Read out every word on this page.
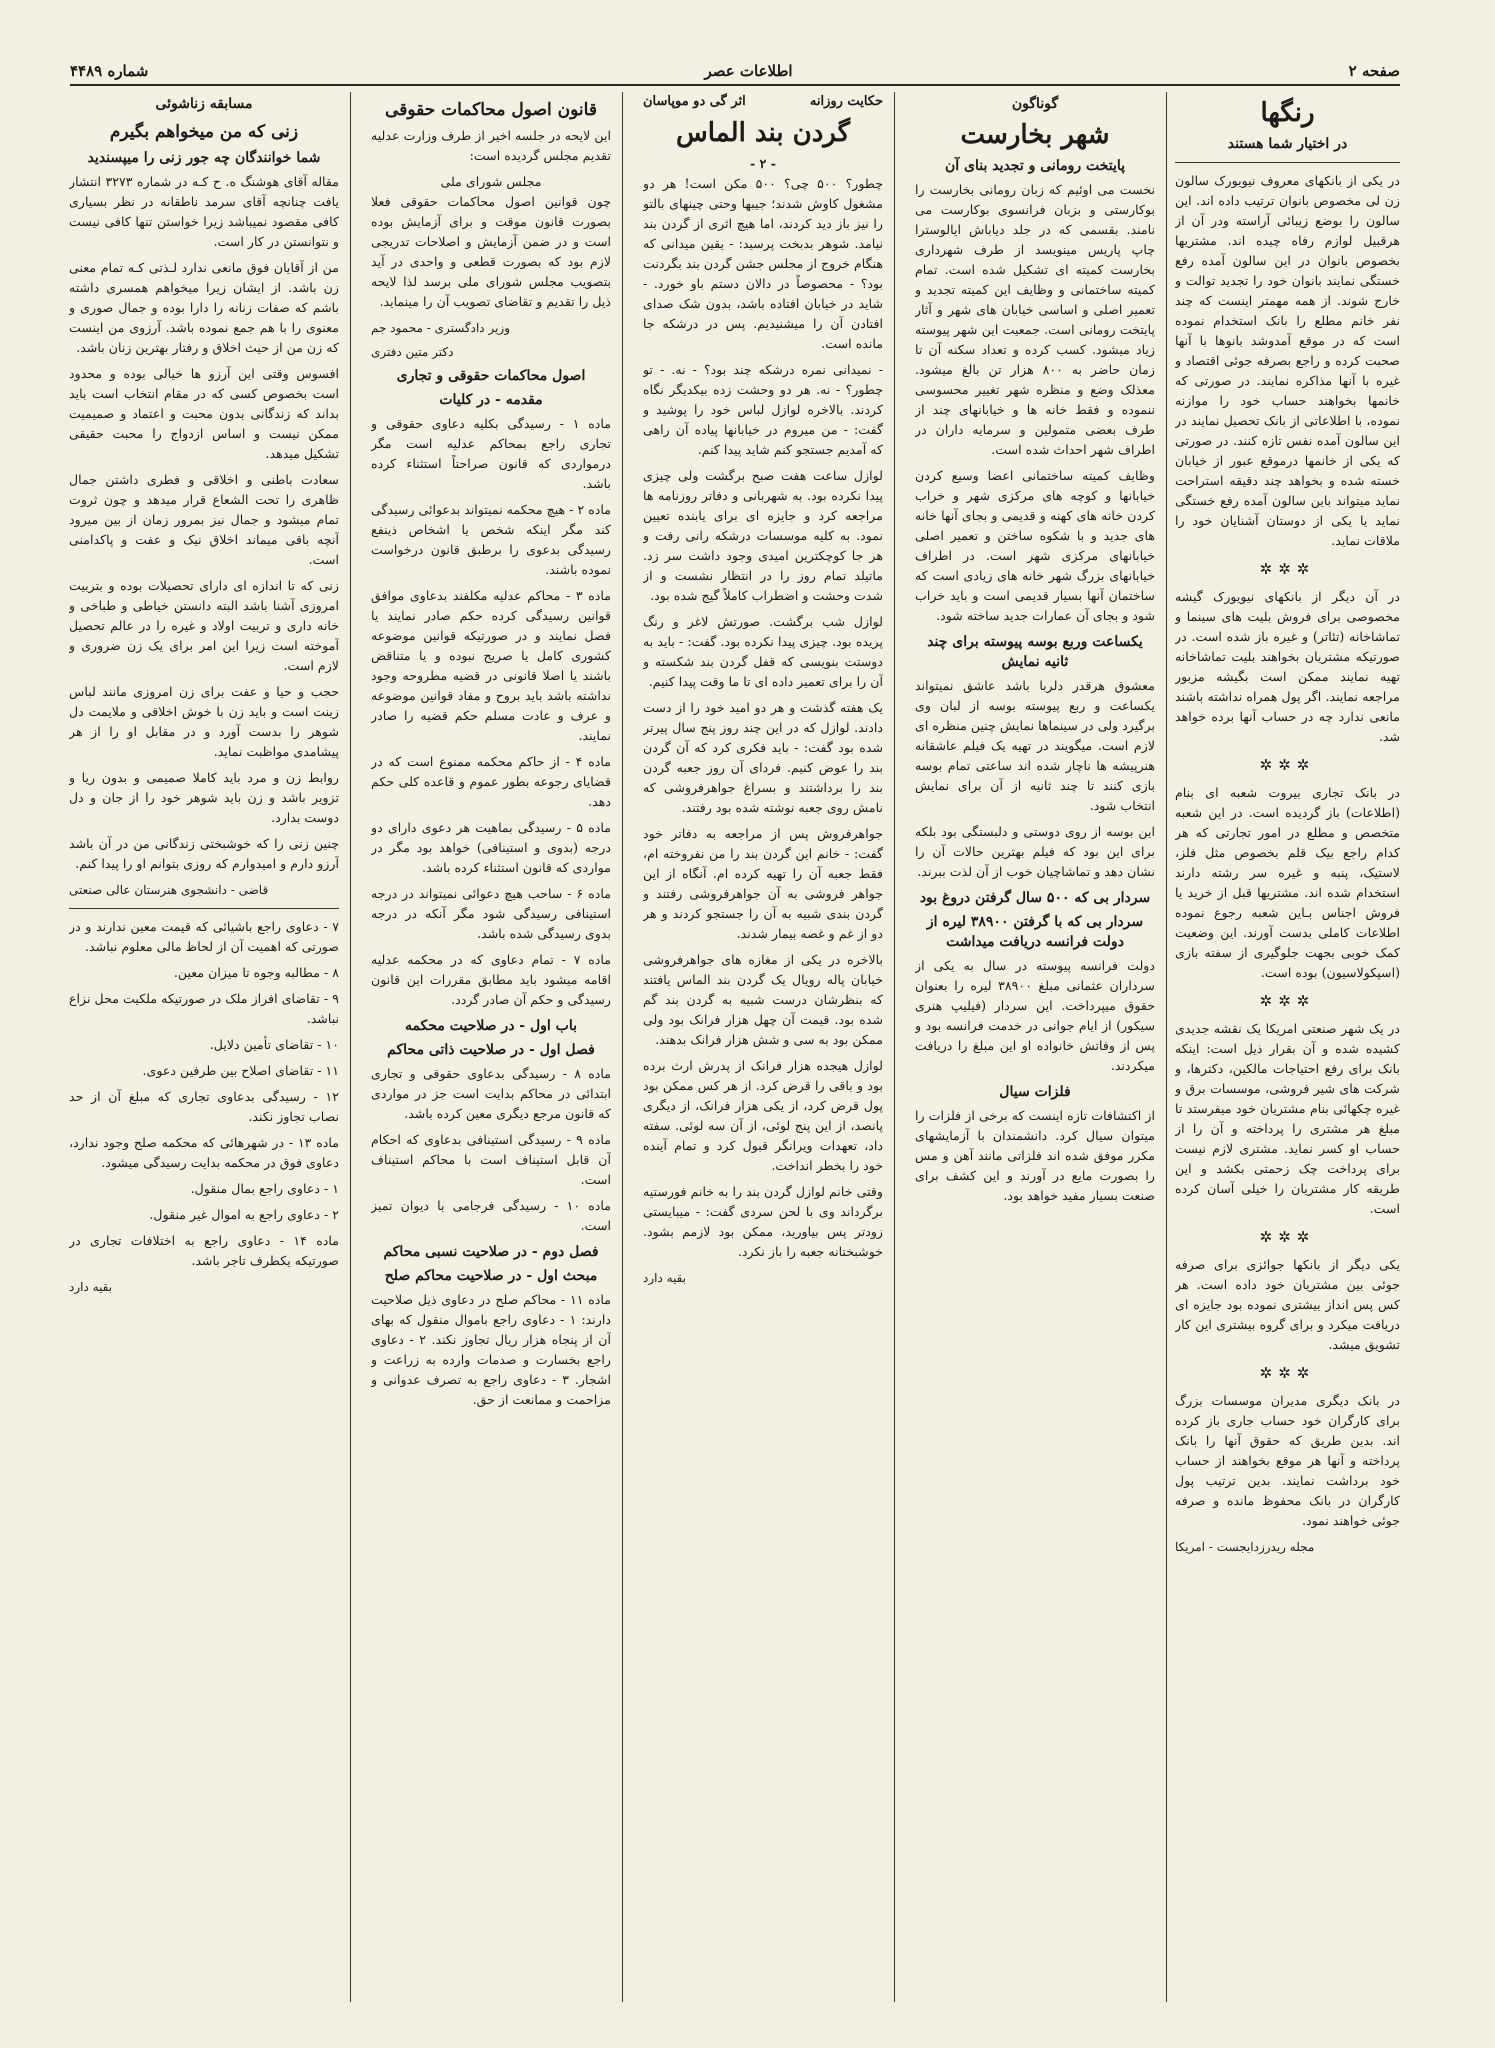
صفحه ۲
اطلاعات عصر
شماره ۴۴۸۹
رنگها
در اختیار شما هستند

در یکی از بانکهای معروف نیویورک سالون زن لی مخصوص بانوان ترتیب داده اند. این سالون را بوضع زیبائی آراسته ودر آن از هرقبیل لوازم رفاه چیده اند. مشتریها بخصوص بانوان در این سالون آمده رفع خستگی نمایند بانوان خود را تجدید توالت و خارج شوند. از همه مهمتر اینست که چند نفر خانم مطلع را بانک استخدام نموده است که در موقع آمدوشد بانوها با آنها صحبت کرده و راجع بصرفه جوئی اقتصاد و غیره با آنها مذاکره نمایند. در صورتی که خانمها بخواهند حساب خود را موازنه نموده، با اطلاعاتی از بانک تحصیل نمایند در این سالون آمده نفس تازه کنند. در صورتی که یکی از خانمها درموقع عبور از خیابان خسته شده و بخواهد چند دقیقه استراحت نماید میتواند باین سالون آمده رفع خستگی نماید یا یکی از دوستان آشنایان خود را ملاقات نماید.

✲✲✲

در آن دیگر از بانکهای نیویورک گیشه مخصوصی برای فروش بلیت های سینما و تماشاخانه (تئاتر) و غیره باز شده است. در صورتیکه مشتریان بخواهند بلیت تماشاخانه تهیه نمایند ممکن است بگیشه مزبور مراجعه نمایند. اگر پول همراه نداشته باشند مانعی ندارد چه در حساب آنها برده خواهد شد.

✲✲✲

در بانک تجاری بیروت شعبه ای بنام (اطلاعات) باز گردیده است. در این شعبه متخصص و مطلع در امور تجارتی که هر کدام راجع بیک قلم بخصوص مثل فلز، لاستیک، پنبه و غیره سر رشته دارند استخدام شده اند. مشتریها قبل از خرید یا فروش اجناس بـاین شعبه رجوع نموده اطلاعات کاملی بدست آورند. این وضعیت کمک خوبی بجهت جلوگیری از سفته بازی (اسپکولاسیون) بوده است.

✲✲✲

در یک شهر صنعتی امریکا یک نقشه جدیدی کشیده شده و آن بقرار ذیل است: اینکه بانک برای رفع احتیاجات مالکین، دکترها، و شرکت های شیر فروشی، موسسات برق و غیره چکهائی بنام مشتریان خود میفرستد تا مبلغ هر مشتری را پرداخته و آن را از حساب او کسر نماید. مشتری لازم نیست برای پرداخت چک زحمتی بکشد و این طریقه کار مشتریان را خیلی آسان کرده است.

✲✲✲

یکی دیگر از بانکها جوائزی برای صرفه جوئی بین مشتریان خود داده است. هر کس پس انداز بیشتری نموده بود جایزه ای دریافت میکرد و برای گروه بیشتری این کار تشویق میشد.

✲✲✲

در بانک دیگری مدیران موسسات بزرگ برای کارگران خود حساب جاری باز کرده اند. بدین طریق که حقوق آنها را بانک پرداخته و آنها هر موقع بخواهند از حساب خود برداشت نمایند. بدین ترتیب پول کارگران در بانک محفوظ مانده و صرفه جوئی خواهند نمود.

مجله ریدرزدایجست - امریکا
گوناگون
شهر بخارست
پایتخت رومانی و تجدید بنای آن

نخست می اوئیم که زبان رومانی بخارست را بوکارستی و بزبان فرانسوی بوکارست می نامند. بقسمی که در جلد دیاباش ایالوسترا چاپ پاریس مینویسد از طرف شهرداری بخارست کمیته ای تشکیل شده است. تمام کمیته ساختمانی و وظایف این کمیته تجدید و تعمیر اصلی و اساسی خیابان های شهر و آثار پایتخت رومانی است. جمعیت این شهر پیوسته زیاد میشود. کسب کرده و تعداد سکنه آن تا زمان حاضر به ۸۰۰ هزار تن بالغ میشود. معذلک وضع و منظره شهر تغییر محسوسی ننموده و فقط خانه ها و خیابانهای چند از طرف بعضی متمولین و سرمایه داران در اطراف شهر احداث شده است.

وظایف کمیته ساختمانی اعضا وسیع کردن خیابانها و کوچه های مرکزی شهر و خراب کردن خانه های کهنه و قدیمی و بجای آنها خانه های جدید و با شکوه ساختن و تعمیر اصلی خیابانهای مرکزی شهر است. در اطراف خیابانهای بزرگ شهر خانه های زیادی است که ساختمان آنها بسیار قدیمی است و باید خراب شود و بجای آن عمارات جدید ساخته شود.

یکساعت وربع بوسه پیوسته برای چند ثانیه نمایش

معشوق هرقدر دلربا باشد عاشق نمیتواند یکساعت و ربع پیوسته بوسه از لبان وی برگیرد ولی در سینماها نمایش چنین منظره ای لازم است. میگویند در تهیه یک فیلم عاشقانه هنرپیشه ها ناچار شده اند ساعتی تمام بوسه بازی کنند تا چند ثانیه از آن برای نمایش انتخاب شود.

این بوسه از روی دوستی و دلبستگی بود بلکه برای این بود که فیلم بهترین حالات آن را نشان دهد و تماشاچیان خوب از آن لذت ببرند.

سردار بی که ۵۰۰ سال گرفتن دروغ بود
سردار بی که با گرفتن ۳۸۹۰۰ لیره از دولت فرانسه دریافت میداشت

دولت فرانسه پیوسته در سال به یکی از سرداران عثمانی مبلغ ۳۸۹۰۰ لیره را بعنوان حقوق میپرداخت. این سردار (فیلیپ هنری سیکور) از ایام جوانی در خدمت فرانسه بود و پس از وفاتش خانواده او این مبلغ را دریافت میکردند.

فلزات سیال

از اکتشافات تازه اینست که برخی از فلزات را میتوان سیال کرد. دانشمندان با آزمایشهای مکرر موفق شده اند فلزاتی مانند آهن و مس را بصورت مایع در آورند و این کشف برای صنعت بسیار مفید خواهد بود.

حکایت روزانه
اثر گی دو موپاسان
گردن بند الماس
- ۲ -

چطور؟ ۵۰۰ چی؟ ۵۰۰ مکن است! هر دو مشغول کاوش شدند؛ جیبها وحتی چینهای بالتو را نیز باز دید کردند، اما هیچ اثری از گردن بند نیامد. شوهر بدبخت پرسید: - یقین میدانی که هنگام خروج از مجلس جشن گردن بند بگردنت بود؟ - محصوصاً در دالان دستم باو خورد. - شاید در خیابان افتاده باشد، بدون شک صدای افتادن آن را میشنیدیم. پس در درشکه جا مانده است.

- نمیدانی نمره درشکه چند بود؟ - نه. - تو چطور؟ - نه. هر دو وحشت زده بیکدیگر نگاه کردند. بالاخره لوازل لباس خود را پوشید و گفت: - من میروم در خیابانها پیاده آن راهی که آمدیم جستجو کنم شاید پیدا کنم.

لوازل ساعت هفت صبح برگشت ولی چیزی پیدا نکرده بود. به شهربانی و دفاتر روزنامه ها مراجعه کرد و جایزه ای برای یابنده تعیین نمود. به کلیه موسسات درشکه رانی رفت و هر جا کوچکترین امیدی وجود داشت سر زد. ماتیلد تمام روز را در انتظار نشست و از شدت وحشت و اضطراب کاملاً گیج شده بود.

لوازل شب برگشت. صورتش لاغر و رنگ پریده بود. چیزی پیدا نکرده بود. گفت: - باید به دوستت بنویسی که قفل گردن بند شکسته و آن را برای تعمیر داده ای تا ما وقت پیدا کنیم.

یک هفته گذشت و هر دو امید خود را از دست دادند. لوازل که در این چند روز پنج سال پیرتر شده بود گفت: - باید فکری کرد که آن گردن بند را عوض کنیم. فردای آن روز جعبه گردن بند را برداشتند و بسراغ جواهرفروشی که نامش روی جعبه نوشته شده بود رفتند.

جواهرفروش پس از مراجعه به دفاتر خود گفت: - خانم این گردن بند را من نفروخته ام، فقط جعبه آن را تهیه کرده ام. آنگاه از این جواهر فروشی به آن جواهرفروشی رفتند و گردن بندی شبیه به آن را جستجو کردند و هر دو از غم و غصه بیمار شدند.

بالاخره در یکی از مغازه های جواهرفروشی خیابان پاله رویال یک گردن بند الماس یافتند که بنظرشان درست شبیه به گردن بند گم شده بود. قیمت آن چهل هزار فرانک بود ولی ممکن بود به سی و شش هزار فرانک بدهند.

لوازل هیجده هزار فرانک از پدرش ارث برده بود و باقی را قرض کرد. از هر کس ممکن بود پول قرض کرد، از یکی هزار فرانک، از دیگری پانصد، از این پنج لوئی، از آن سه لوئی. سفته داد، تعهدات ویرانگر قبول کرد و تمام آینده خود را بخطر انداخت.

وقتی خانم لوازل گردن بند را به خانم فورستیه برگرداند وی با لحن سردی گفت: - میبایستی زودتر پس بیاورید، ممکن بود لازمم بشود. خوشبختانه جعبه را باز نکرد.

بقیه دارد
قانون اصول محاکمات حقوقی

این لایحه در جلسه اخیر از طرف وزارت عدلیه تقدیم مجلس گردیده است:

مجلس شورای ملی

چون قوانین اصول محاکمات حقوقی فعلا بصورت قانون موقت و برای آزمایش بوده است و در ضمن آزمایش و اصلاحات تدریجی لازم بود که بصورت قطعی و واحدی در آید بتصویب مجلس شورای ملی برسد لذا لایحه ذیل را تقدیم و تقاضای تصویب آن را مینماید.

وزیر دادگستری - محمود جم
دکتر متین دفتری
اصول محاکمات حقوقی و تجاری
مقدمه - در کلیات

ماده ۱ - رسیدگی بکلیه دعاوی حقوقی و تجاری راجع بمحاکم عدلیه است مگر درمواردی که قانون صراحتاً استثناء کرده باشد.

ماده ۲ - هیچ محکمه نمیتواند بدعوائی رسیدگی کند مگر اینکه شخص یا اشخاص ذینفع رسیدگی بدعوی را برطبق قانون درخواست نموده باشند.

ماده ۳ - محاکم عدلیه مکلفند بدعاوی موافق قوانین رسیدگی کرده حکم صادر نمایند یا فصل نمایند و در صورتیکه قوانین موضوعه کشوری کامل یا صریح نبوده و یا متناقض باشند یا اصلا قانونی در قضیه مطروحه وجود نداشته باشد باید بروح و مفاد قوانین موضوعه و عرف و عادت مسلم حکم قضیه را صادر نمایند.

ماده ۴ - از حاکم محکمه ممنوع است که در قضایای رجوعه بطور عموم و قاعده کلی حکم دهد.

ماده ۵ - رسیدگی بماهیت هر دعوی دارای دو درجه (بدوی و استینافی) خواهد بود مگر در مواردی که قانون استثناء کرده باشد.

ماده ۶ - ساحب هیچ دعوائی نمیتواند در درجه استینافی رسیدگی شود مگر آنکه در درجه بدوی رسیدگی شده باشد.

ماده ۷ - تمام دعاوی که در محکمه عدلیه اقامه میشود باید مطابق مقررات این قانون رسیدگی و حکم آن صادر گردد.

باب اول - در صلاحیت محکمه
فصل اول - در صلاحیت ذاتی محاکم

ماده ۸ - رسیدگی بدعاوی حقوقی و تجاری ابتدائی در محاکم بدایت است جز در مواردی که قانون مرجع دیگری معین کرده باشد.

ماده ۹ - رسیدگی استینافی بدعاوی که احکام آن قابل استیناف است با محاکم استیناف است.

ماده ۱۰ - رسیدگی فرجامی با دیوان تمیز است.

فصل دوم - در صلاحیت نسبی محاکم
مبحث اول - در صلاحیت محاکم صلح

ماده ۱۱ - محاکم صلح در دعاوی ذیل صلاحیت دارند: ۱ - دعاوی راجع باموال منقول که بهای آن از پنجاه هزار ریال تجاوز نکند. ۲ - دعاوی راجع بخسارت و صدمات وارده به زراعت و اشجار. ۳ - دعاوی راجع به تصرف عدوانی و مزاحمت و ممانعت از حق.

مسابقه زناشوئی
زنی که من میخواهم بگیرم
شما خوانندگان چه جور زنی را میپسندید

مقاله آقای هوشنگ ه. ح کـه در شماره ۳۲۷۳ انتشار یافت چنانچه آقای سرمد ناطقانه در نظر بسیاری کافی مقصود نمیباشد زیرا خواستن تنها کافی نیست و نتوانستن در کار است.

من از آقایان فوق مانعی ندارد لـذتی کـه تمام معنی زن باشد. از ایشان زیرا میخواهم همسری داشته باشم که صفات زنانه را دارا بوده و جمال صوری و معنوی را با هم جمع نموده باشد. آرزوی من اینست که زن من از حیث اخلاق و رفتار بهترین زنان باشد.

افسوس وقتی این آرزو ها خیالی بوده و محدود است بخصوص کسی که در مقام انتخاب است باید بداند که زندگانی بدون محبت و اعتماد و صمیمیت ممکن نیست و اساس ازدواج را محبت حقیقی تشکیل میدهد.

سعادت باطنی و اخلاقی و فطری داشتن جمال ظاهری را تحت الشعاع قرار میدهد و چون ثروت تمام میشود و جمال نیز بمرور زمان از بین میرود آنچه باقی میماند اخلاق نیک و عفت و پاکدامنی است.

زنی که تا اندازه ای دارای تحصیلات بوده و بتربیت امروزی آشنا باشد البته دانستن خیاطی و طباخی و خانه داری و تربیت اولاد و غیره را در عالم تحصیل آموخته است زیرا این امر برای یک زن ضروری و لازم است.

حجب و حیا و عفت برای زن امروزی مانند لباس زینت است و باید زن با خوش اخلاقی و ملایمت دل شوهر را بدست آورد و در مقابل او را از هر پیشامدی مواظبت نماید.

روابط زن و مرد باید کاملا صمیمی و بدون ریا و تزویر باشد و زن باید شوهر خود را از جان و دل دوست بدارد.

چنین زنی را که خوشبختی زندگانی من در آن باشد آرزو دارم و امیدوارم که روزی بتوانم او را پیدا کنم.

قاضی - دانشجوی هنرستان عالی صنعتی

۷ - دعاوی راجع باشیائی که قیمت معین ندارند و در صورتی که اهمیت آن از لحاظ مالی معلوم نباشد.

۸ - مطالبه وجوه تا میزان معین.

۹ - تقاضای افراز ملک در صورتیکه ملکیت محل نزاع نباشد.

۱۰ - تقاضای تأمین دلایل.

۱۱ - تقاضای اصلاح بین طرفین دعوی.

۱۲ - رسیدگی بدعاوی تجاری که مبلغ آن از حد نصاب تجاوز نکند.

ماده ۱۳ - در شهرهائی که محکمه صلح وجود ندارد، دعاوی فوق در محکمه بدایت رسیدگی میشود.

۱ - دعاوی راجع بمال منقول.

۲ - دعاوی راجع به اموال غیر منقول.

ماده ۱۴ - دعاوی راجع به اختلافات تجاری در صورتیکه یکطرف تاجر باشد.

بقیه دارد
